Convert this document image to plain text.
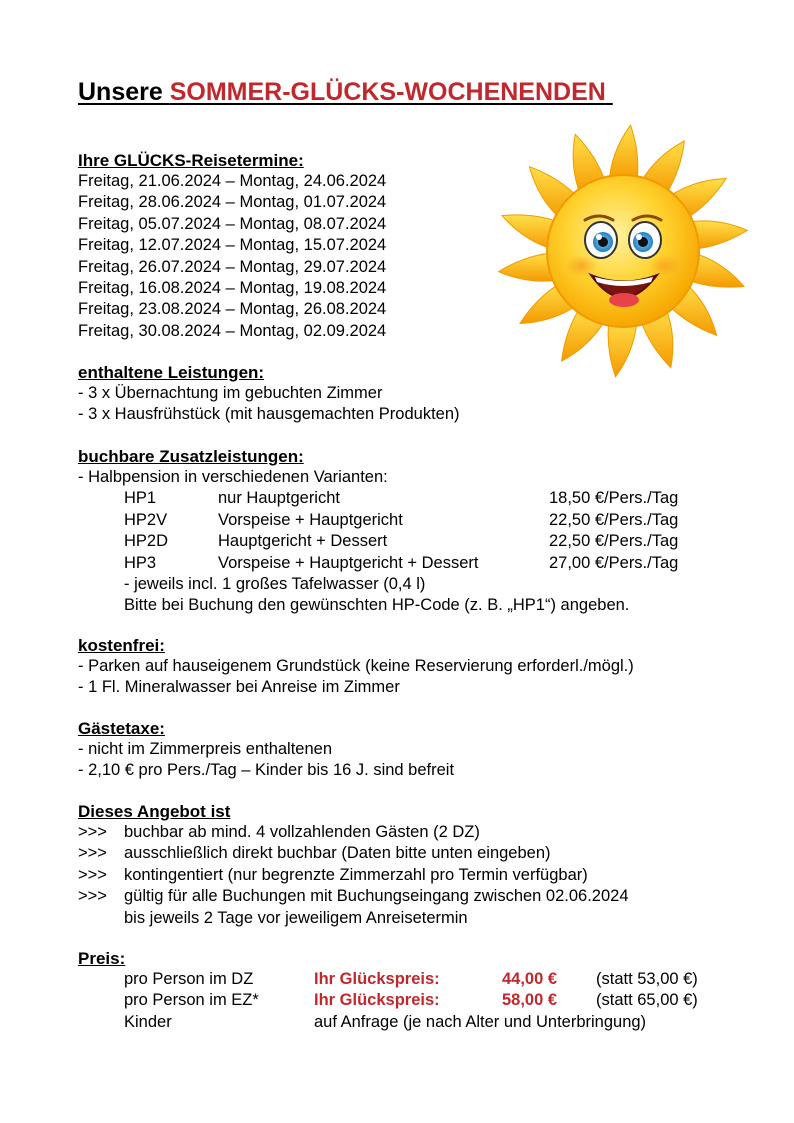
Unsere SOMMER-GLÜCKS-WOCHENENDEN
Ihre GLÜCKS-Reisetermine:
Freitag, 21.06.2024 – Montag, 24.06.2024
Freitag, 28.06.2024 – Montag, 01.07.2024
Freitag, 05.07.2024 – Montag, 08.07.2024
Freitag, 12.07.2024 – Montag, 15.07.2024
Freitag, 26.07.2024 – Montag, 29.07.2024
Freitag, 16.08.2024 – Montag, 19.08.2024
Freitag, 23.08.2024 – Montag, 26.08.2024
Freitag, 30.08.2024 – Montag, 02.09.2024
enthaltene Leistungen:
- 3 x Übernachtung im gebuchten Zimmer
- 3 x Hausfrühstück (mit hausgemachten Produkten)
buchbare Zusatzleistungen:
- Halbpension in verschiedenen Varianten:
HP1	nur Hauptgericht	18,50 €/Pers./Tag
HP2V	Vorspeise + Hauptgericht	22,50 €/Pers./Tag
HP2D	Hauptgericht + Dessert	22,50 €/Pers./Tag
HP3	Vorspeise + Hauptgericht + Dessert	27,00 €/Pers./Tag
- jeweils incl. 1 großes Tafelwasser (0,4 l)
Bitte bei Buchung den gewünschten HP-Code (z. B. „HP1“) angeben.
kostenfrei:
- Parken auf hauseigenem Grundstück (keine Reservierung erforderl./mögl.)
- 1 Fl. Mineralwasser bei Anreise im Zimmer
Gästetaxe:
- nicht im Zimmerpreis enthaltenen
- 2,10 € pro Pers./Tag – Kinder bis 16 J. sind befreit
Dieses Angebot ist
>>> buchbar ab mind. 4 vollzahlenden Gästen (2 DZ)
>>> ausschließlich direkt buchbar (Daten bitte unten eingeben)
>>> kontingentiert (nur begrenzte Zimmerzahl pro Termin verfügbar)
>>> gültig für alle Buchungen mit Buchungseingang zwischen 02.06.2024
bis jeweils 2 Tage vor jeweiligem Anreisetermin
Preis:
pro Person im DZ	Ihr Glückspreis:	44,00 € (statt 53,00 €)
pro Person im EZ*	Ihr Glückspreis:	58,00 € (statt 65,00 €)
Kinder	auf Anfrage (je nach Alter und Unterbringung)
